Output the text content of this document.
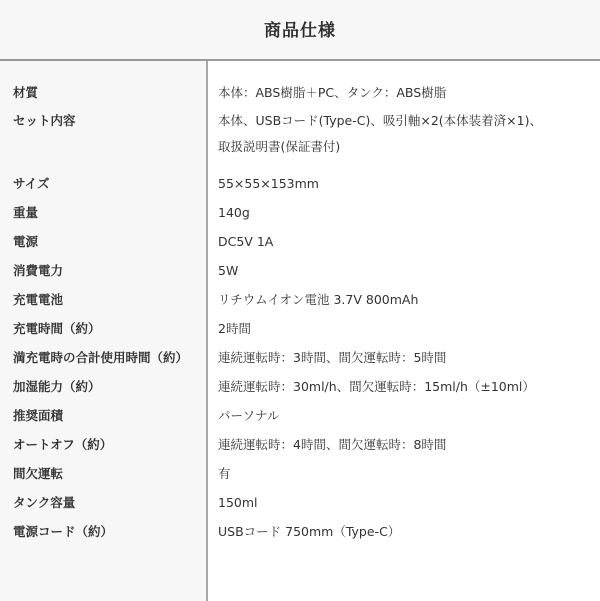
商品仕様
材質	本体：ABS樹脂＋PC、タンク：ABS樹脂
セット内容	本体、USBコード(Type-C)、吸引軸×2(本体装着済×1)、
取扱説明書(保証書付)
サイズ	55×55×153mm
重量	140g
電源	DC5V 1A
消費電力	5W
充電電池	リチウムイオン電池 3.7V 800mAh
充電時間（約）	2時間
満充電時の合計使用時間（約） 連続運転時：3時間、間欠運転時：5時間
加湿能力（約）	連続運転時：30ml/h、間欠運転時：15ml/h（±10ml）
推奨面積	パーソナル
オートオフ（約）	連続運転時：4時間、間欠運転時：8時間
間欠運転	有
タンク容量	150ml
電源コード（約）	USBコード 750mm（Type-C）
